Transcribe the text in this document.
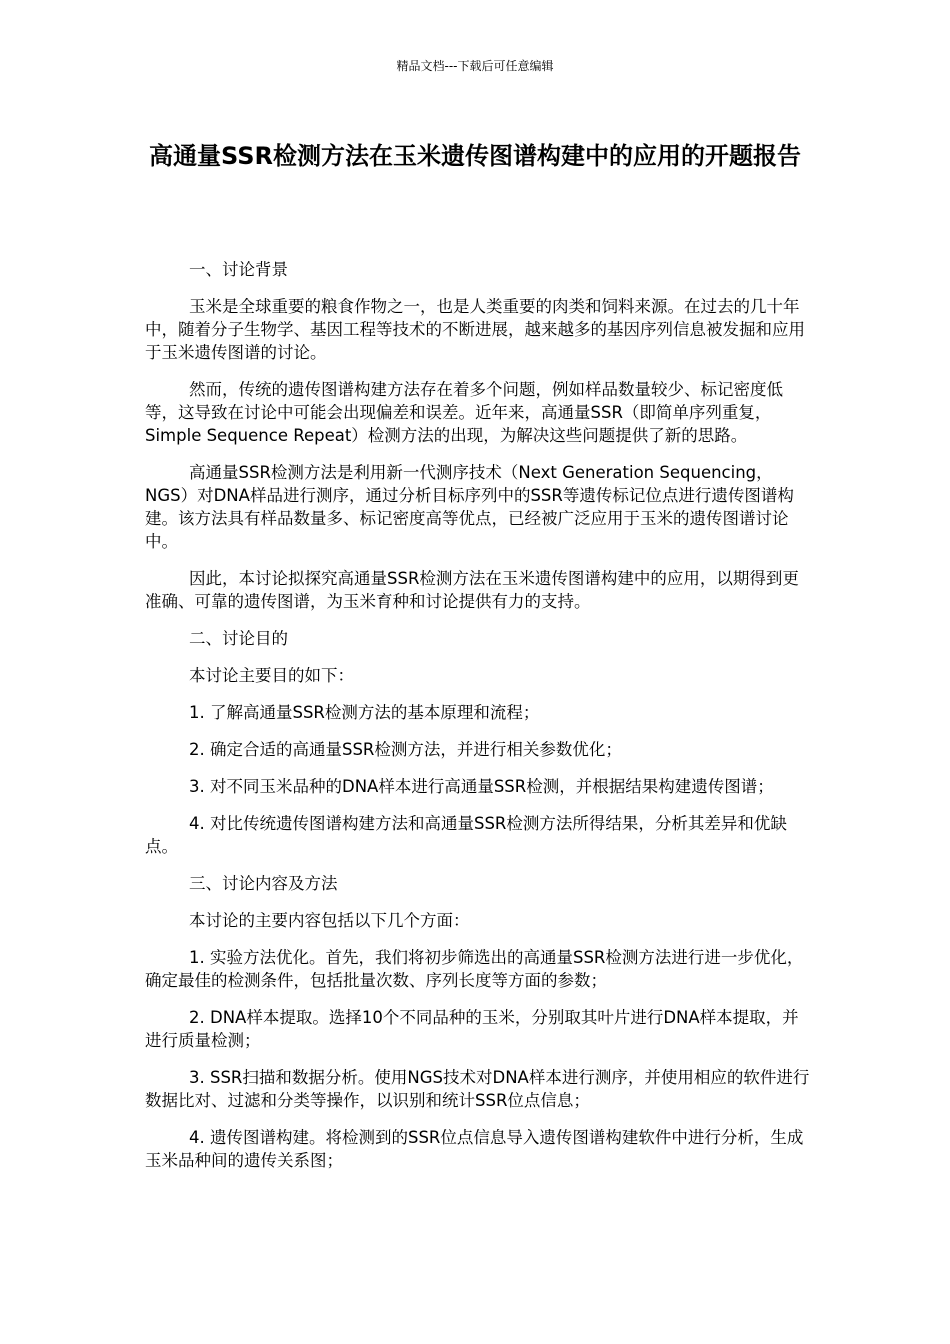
精品文档---下载后可任意编辑
高通量SSR检测方法在玉米遗传图谱构建中的应用的开题报告

一、讨论背景

玉米是全球重要的粮食作物之一，也是人类重要的肉类和饲料来源。在过去的几十年中，随着分子生物学、基因工程等技术的不断进展，越来越多的基因序列信息被发掘和应用于玉米遗传图谱的讨论。

然而，传统的遗传图谱构建方法存在着多个问题，例如样品数量较少、标记密度低等，这导致在讨论中可能会出现偏差和误差。近年来，高通量SSR（即简单序列重复，Simple Sequence Repeat）检测方法的出现，为解决这些问题提供了新的思路。

高通量SSR检测方法是利用新一代测序技术（Next Generation Sequencing，NGS）对DNA样品进行测序，通过分析目标序列中的SSR等遗传标记位点进行遗传图谱构建。该方法具有样品数量多、标记密度高等优点，已经被广泛应用于玉米的遗传图谱讨论中。

因此，本讨论拟探究高通量SSR检测方法在玉米遗传图谱构建中的应用，以期得到更准确、可靠的遗传图谱，为玉米育种和讨论提供有力的支持。

二、讨论目的

本讨论主要目的如下：

1. 了解高通量SSR检测方法的基本原理和流程；

2. 确定合适的高通量SSR检测方法，并进行相关参数优化；

3. 对不同玉米品种的DNA样本进行高通量SSR检测，并根据结果构建遗传图谱；

4. 对比传统遗传图谱构建方法和高通量SSR检测方法所得结果，分析其差异和优缺点。

三、讨论内容及方法

本讨论的主要内容包括以下几个方面：

1. 实验方法优化。首先，我们将初步筛选出的高通量SSR检测方法进行进一步优化，确定最佳的检测条件，包括批量次数、序列长度等方面的参数；

2. DNA样本提取。选择10个不同品种的玉米，分别取其叶片进行DNA样本提取，并进行质量检测；

3. SSR扫描和数据分析。使用NGS技术对DNA样本进行测序，并使用相应的软件进行数据比对、过滤和分类等操作，以识别和统计SSR位点信息；

4. 遗传图谱构建。将检测到的SSR位点信息导入遗传图谱构建软件中进行分析，生成玉米品种间的遗传关系图；
